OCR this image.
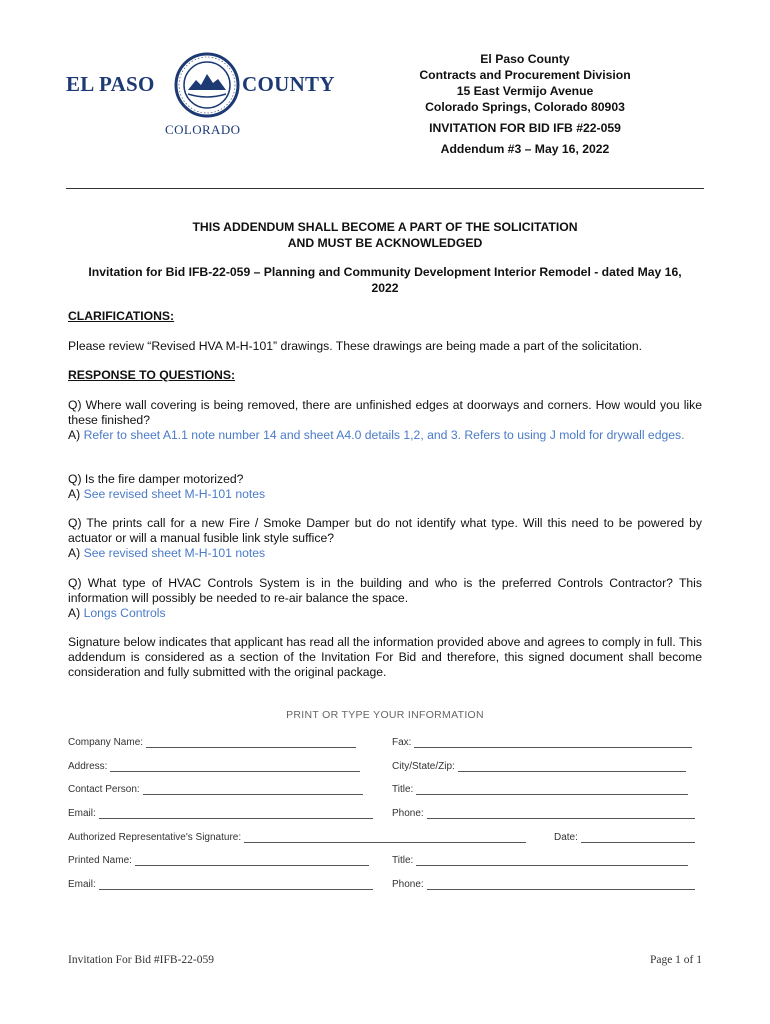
EL PASO	COUNTY
COLORADO
El Paso County
Contracts and Procurement Division
15 East Vermijo Avenue
Colorado Springs, Colorado 80903
INVITATION FOR BID IFB #22-059
Addendum #3 – May 16, 2022
THIS ADDENDUM SHALL BECOME A PART OF THE SOLICITATION
AND MUST BE ACKNOWLEDGED
Invitation for Bid IFB-22-059 – Planning and Community Development Interior Remodel - dated May 16,
2022
CLARIFICATIONS:
Please review “Revised HVA M-H-101” drawings. These drawings are being made a part of the solicitation.
RESPONSE TO QUESTIONS:
Q) Where wall covering is being removed, there are unfinished edges at doorways and corners. How would you like these finished?
A) Refer to sheet A1.1 note number 14 and sheet A4.0 details 1,2, and 3. Refers to using J mold for drywall edges.
Q) Is the fire damper motorized?
A) See revised sheet M-H-101 notes
Q) The prints call for a new Fire / Smoke Damper but do not identify what type. Will this need to be powered by actuator or will a manual fusible link style suffice?
A) See revised sheet M-H-101 notes
Q) What type of HVAC Controls System is in the building and who is the preferred Controls Contractor? This information will possibly be needed to re-air balance the space.
A) Longs Controls
Signature below indicates that applicant has read all the information provided above and agrees to comply in full. This addendum is considered as a section of the Invitation For Bid and therefore, this signed document shall become consideration and fully submitted with the original package.
PRINT OR TYPE YOUR INFORMATION
Company Name:	Fax:
Address:	City/State/Zip:
Contact Person:	Title:
Email:	Phone:
Authorized Representative's Signature:	Date:
Printed Name:	Title:
Email:	Phone:
Invitation For Bid #IFB-22-059	Page 1 of 1
